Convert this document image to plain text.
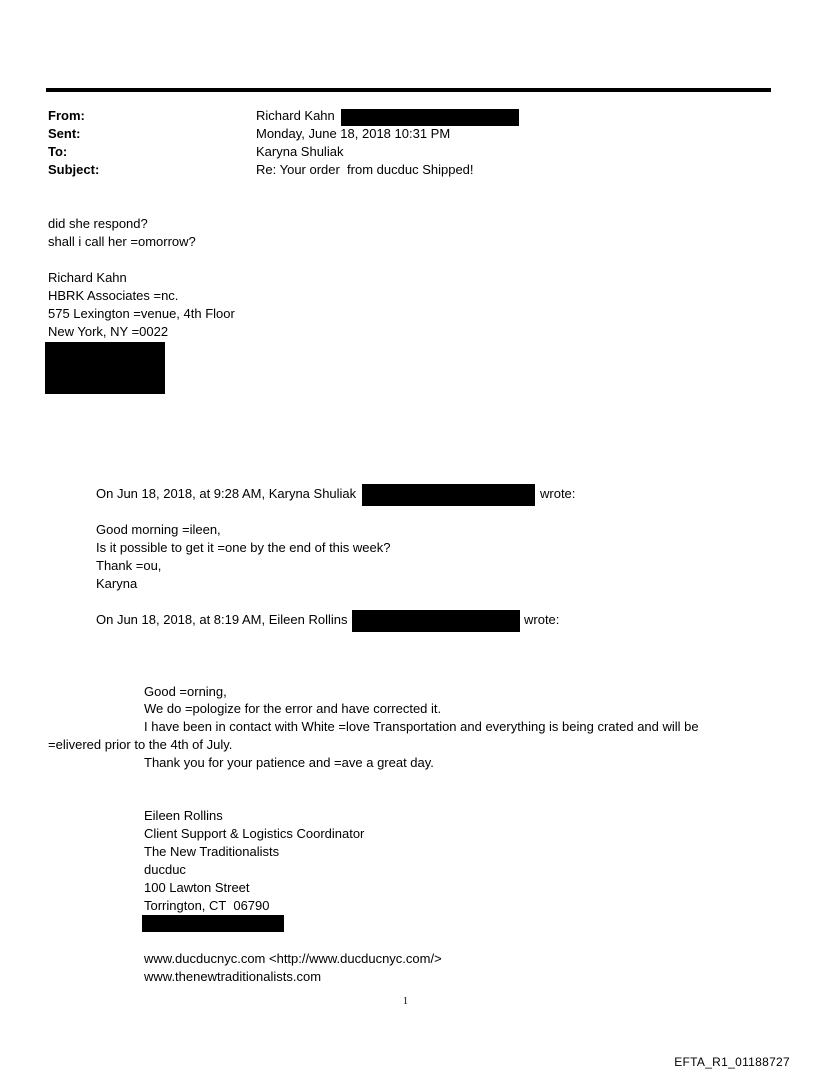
From:	Richard Kahn
Sent:	Monday, June 18, 2018 10:31 PM
To:	Karyna Shuliak
Subject:	Re: Your order  from ducduc Shipped!
did she respond?
shall i call her =omorrow?
Richard Kahn
HBRK Associates =nc.
575 Lexington =venue, 4th Floor
New York, NY =0022
On Jun 18, 2018, at 9:28 AM, Karyna Shuliak	wrote:
Good morning =ileen,
Is it possible to get it =one by the end of this week?
Thank =ou,
Karyna
On Jun 18, 2018, at 8:19 AM, Eileen Rollins	wrote:
Good =orning,
We do =pologize for the error and have corrected it.
I have been in contact with White =love Transportation and everything is being crated and will be
=elivered prior to the 4th of July.
Thank you for your patience and =ave a great day.
Eileen Rollins
Client Support & Logistics Coordinator
The New Traditionalists
ducduc
100 Lawton Street
Torrington, CT  06790
www.ducducnyc.com <http://www.ducducnyc.com/>
www.thenewtraditionalists.com
1
EFTA_R1_01188727
